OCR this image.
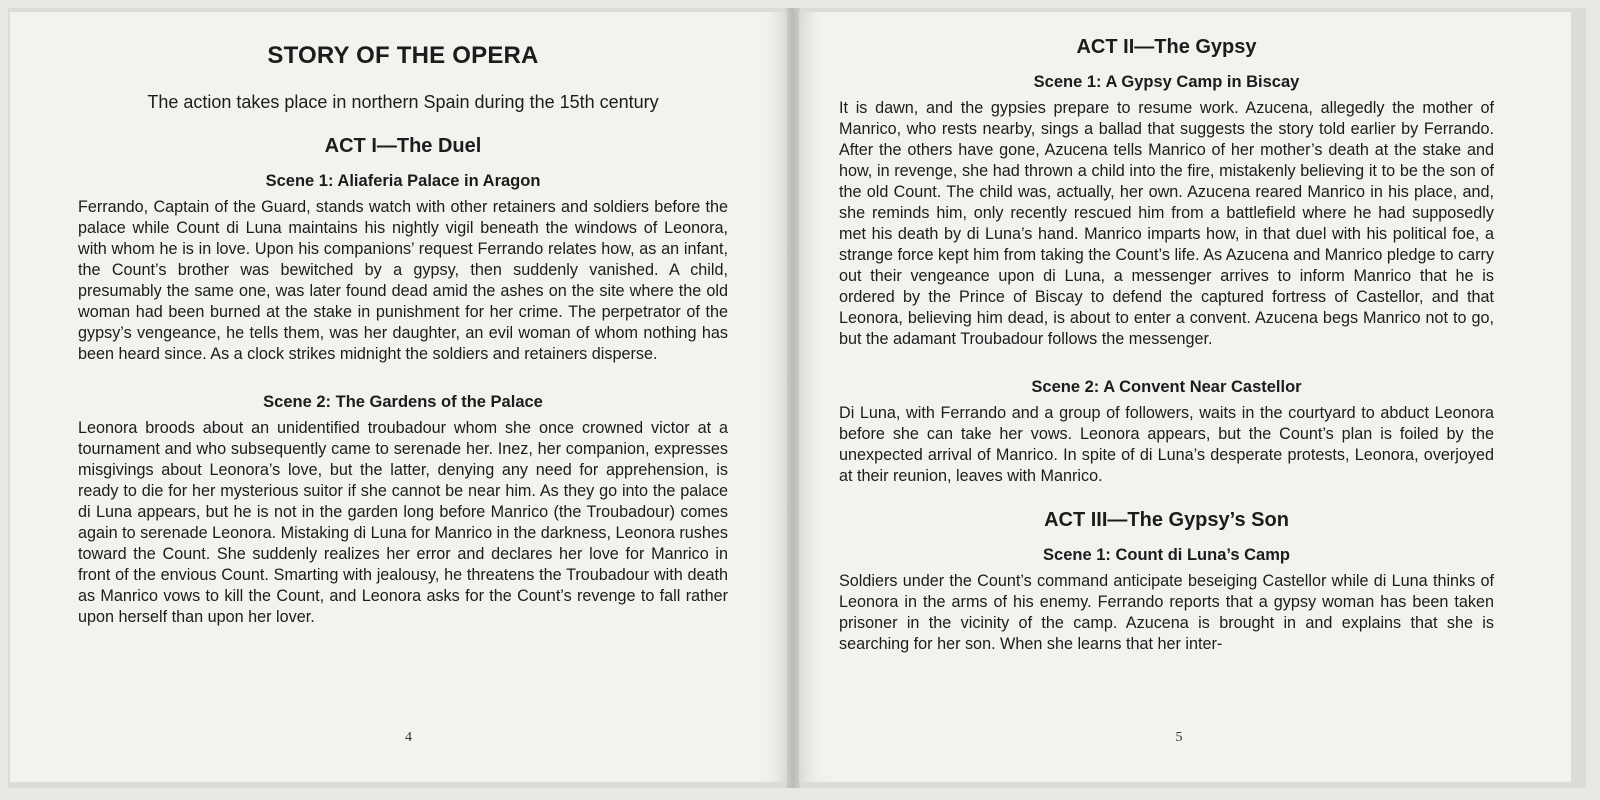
STORY OF THE OPERA
The action takes place in northern Spain during the 15th century
ACT I—The Duel
Scene 1: Aliaferia Palace in Aragon

Ferrando, Captain of the Guard, stands watch with other retainers and soldiers before the palace while Count di Luna maintains his nightly vigil beneath the windows of Leonora, with whom he is in love. Upon his companions’ request Ferrando relates how, as an infant, the Count’s brother was bewitched by a gypsy, then suddenly vanished. A child, presumably the same one, was later found dead amid the ashes on the site where the old woman had been burned at the stake in punishment for her crime. The perpetrator of the gypsy’s vengeance, he tells them, was her daughter, an evil woman of whom nothing has been heard since. As a clock strikes midnight the soldiers and retainers disperse.

Scene 2: The Gardens of the Palace

Leonora broods about an unidentified troubadour whom she once crowned victor at a tournament and who subsequently came to serenade her. Inez, her companion, expresses misgivings about Leonora’s love, but the latter, denying any need for apprehension, is ready to die for her mysterious suitor if she cannot be near him. As they go into the palace di Luna appears, but he is not in the garden long before Manrico (the Troubadour) comes again to serenade Leonora. Mistaking di Luna for Manrico in the darkness, Leonora rushes toward the Count. She suddenly realizes her error and declares her love for Manrico in front of the envious Count. Smarting with jealousy, he threatens the Troubadour with death as Manrico vows to kill the Count, and Leonora asks for the Count’s revenge to fall rather upon herself than upon her lover.

4
ACT II—The Gypsy
Scene 1: A Gypsy Camp in Biscay

It is dawn, and the gypsies prepare to resume work. Azucena, allegedly the mother of Manrico, who rests nearby, sings a ballad that suggests the story told earlier by Ferrando. After the others have gone, Azucena tells Manrico of her mother’s death at the stake and how, in revenge, she had thrown a child into the fire, mistakenly believing it to be the son of the old Count. The child was, actually, her own. Azucena reared Manrico in his place, and, she reminds him, only recently rescued him from a battlefield where he had supposedly met his death by di Luna’s hand. Manrico imparts how, in that duel with his political foe, a strange force kept him from taking the Count’s life. As Azucena and Manrico pledge to carry out their vengeance upon di Luna, a messenger arrives to inform Manrico that he is ordered by the Prince of Biscay to defend the captured fortress of Castellor, and that Leonora, believing him dead, is about to enter a convent. Azucena begs Manrico not to go, but the adamant Troubadour follows the messenger.

Scene 2: A Convent Near Castellor

Di Luna, with Ferrando and a group of followers, waits in the courtyard to abduct Leonora before she can take her vows. Leonora appears, but the Count’s plan is foiled by the unexpected arrival of Manrico. In spite of di Luna’s desperate protests, Leonora, overjoyed at their reunion, leaves with Manrico.

ACT III—The Gypsy’s Son
Scene 1: Count di Luna’s Camp

Soldiers under the Count’s command anticipate beseiging Castellor while di Luna thinks of Leonora in the arms of his enemy. Ferrando reports that a gypsy woman has been taken prisoner in the vicinity of the camp. Azucena is brought in and explains that she is searching for her son. When she learns that her inter-

5
